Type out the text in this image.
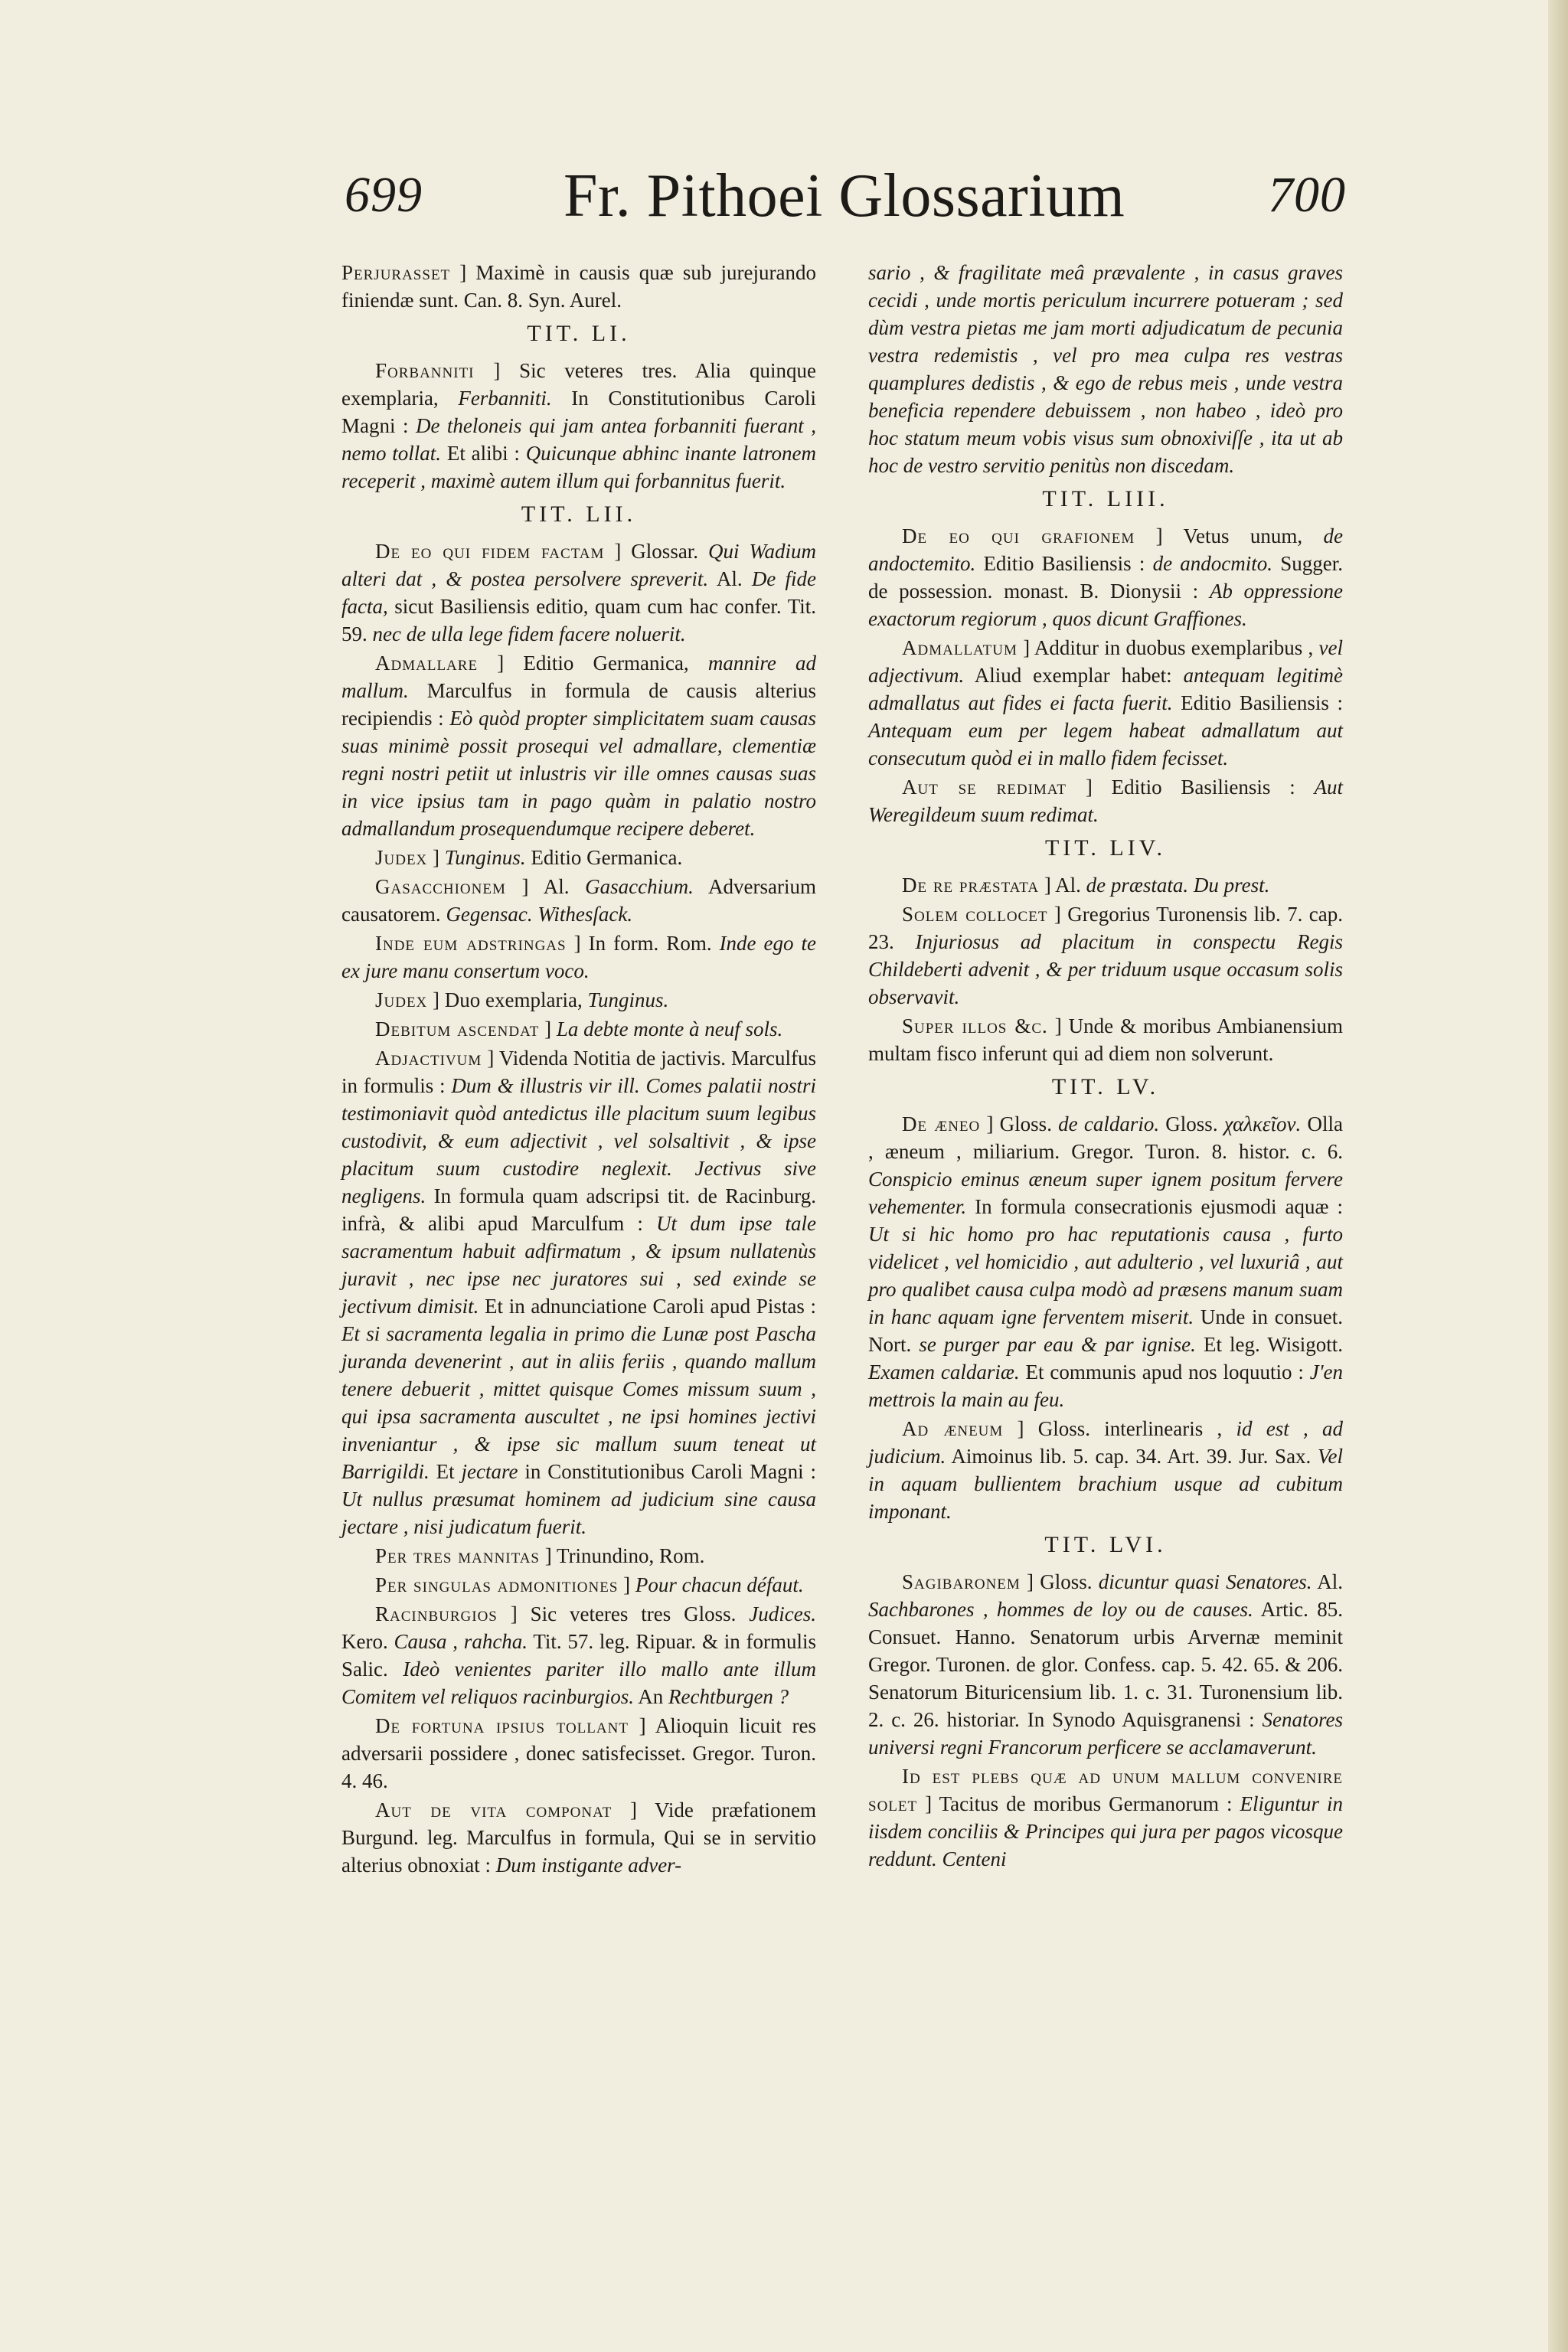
699 Fr. Pithoei Glossarium	700

Perjurasset ] Maximè in causis quæ sub jurejurando finiendæ sunt. Can. 8. Syn. Aurel.

TIT. LI.

Forbanniti ] Sic veteres tres. Alia quinque exemplaria, Ferbanniti. In Constitutionibus Caroli Magni : De theloneis qui jam antea forbanniti fuerant , nemo tollat. Et alibi : Quicunque abhinc inante latronem receperit , maximè autem illum qui forbannitus fuerit.

TIT. LII.

De eo qui fidem factam ] Glossar. Qui Wadium alteri dat , & postea persolvere spreverit. Al. De fide facta, sicut Basiliensis editio, quam cum hac confer. Tit. 59. nec de ulla lege fidem facere noluerit.

Admallare ] Editio Germanica, mannire ad mallum. Marculfus in formula de causis alterius recipiendis : Eò quòd propter simplicitatem suam causas suas minimè possit prosequi vel admallare, clementiæ regni nostri petiit ut inlustris vir ille omnes causas suas in vice ipsius tam in pago quàm in palatio nostro admallandum prosequendumque recipere deberet.

Judex ] Tunginus. Editio Germanica.

Gasacchionem ] Al. Gasacchium. Adversarium causatorem. Gegensac. Withesſack.

Inde eum adstringas ] In form. Rom. Inde ego te ex jure manu consertum voco.

Judex ] Duo exemplaria, Tunginus.

Debitum ascendat ] La debte monte à neuf sols.

Adjactivum ] Videnda Notitia de jactivis. Marculfus in formulis : Dum & illustris vir ill. Comes palatii nostri testimoniavit quòd antedictus ille placitum suum legibus custodivit, & eum adjectivit , vel solsaltivit , & ipse placitum suum custodire neglexit. Jectivus sive negligens. In formula quam adscripsi tit. de Racinburg. infrà, & alibi apud Marculfum : Ut dum ipse tale sacramentum habuit adfirmatum , & ipsum nullatenùs juravit , nec ipse nec juratores sui , sed exinde se jectivum dimisit. Et in adnunciatione Caroli apud Pistas : Et si sacramenta legalia in primo die Lunæ post Pascha juranda devenerint , aut in aliis feriis , quando mallum tenere debuerit , mittet quisque Comes missum suum , qui ipsa sacramenta auscultet , ne ipsi homines jectivi inveniantur , & ipse sic mallum suum teneat ut Barrigildi. Et jectare in Constitutionibus Caroli Magni : Ut nullus præsumat hominem ad judicium sine causa jectare , nisi judicatum fuerit.

Per tres mannitas ] Trinundino, Rom.

Per singulas admonitiones ] Pour chacun défaut.

Racinburgios ] Sic veteres tres Gloss. Judices. Kero. Causa , rahcha. Tit. 57. leg. Ripuar. & in formulis Salic. Ideò venientes pariter illo mallo ante illum Comitem vel reliquos racinburgios. An Rechtburgen ?

De fortuna ipsius tollant ] Alioquin licuit res adversarii possidere , donec satisfecisset. Gregor. Turon. 4. 46.

Aut de vita componat ] Vide præfationem Burgund. leg. Marculfus in formula, Qui se in servitio alterius obnoxiat : Dum instigante adver-

sario , & fragilitate meâ prævalente , in casus graves cecidi , unde mortis periculum incurrere potueram ; sed dùm vestra pietas me jam morti adjudicatum de pecunia vestra redemistis , vel pro mea culpa res vestras quamplures dedistis , & ego de rebus meis , unde vestra beneficia rependere debuissem , non habeo , ideò pro hoc statum meum vobis visus sum obnoxiviſſe , ita ut ab hoc de vestro servitio penitùs non discedam.

TIT. LIII.

De eo qui grafionem ] Vetus unum, de andoctemito. Editio Basiliensis : de andocmito. Sugger. de possession. monast. B. Dionysii : Ab oppressione exactorum regiorum , quos dicunt Graffiones.

Admallatum ] Additur in duobus exemplaribus , vel adjectivum. Aliud exemplar habet: antequam legitimè admallatus aut fides ei facta fuerit. Editio Basiliensis : Antequam eum per legem habeat admallatum aut consecutum quòd ei in mallo fidem fecisset.

Aut se redimat ] Editio Basiliensis : Aut Weregildeum suum redimat.

TIT. LIV.

De re præstata ] Al. de præstata. Du prest.

Solem collocet ] Gregorius Turonensis lib. 7. cap. 23. Injuriosus ad placitum in conspectu Regis Childeberti advenit , & per triduum usque occasum solis observavit.

Super illos &c. ] Unde & moribus Ambianensium multam fisco inferunt qui ad diem non solverunt.

TIT. LV.

De æneo ] Gloss. de caldario. Gloss. χαλκεῖον. Olla , æneum , miliarium. Gregor. Turon. 8. histor. c. 6. Conspicio eminus æneum super ignem positum fervere vehementer. In formula consecrationis ejusmodi aquæ : Ut si hic homo pro hac reputationis causa , furto videlicet , vel homicidio , aut adulterio , vel luxuriâ , aut pro qualibet causa culpa modò ad præsens manum suam in hanc aquam igne ferventem miserit. Unde in consuet. Nort. se purger par eau & par ignise. Et leg. Wisigott. Examen caldariæ. Et communis apud nos loquutio : J'en mettrois la main au feu.

Ad æneum ] Gloss. interlinearis , id est , ad judicium. Aimoinus lib. 5. cap. 34. Art. 39. Jur. Sax. Vel in aquam bullientem brachium usque ad cubitum imponant.

TIT. LVI.

Sagibaronem ] Gloss. dicuntur quasi Senatores. Al. Sachbarones , hommes de loy ou de causes. Artic. 85. Consuet. Hanno. Senatorum urbis Arvernæ meminit Gregor. Turonen. de glor. Confess. cap. 5. 42. 65. & 206. Senatorum Bituricensium lib. 1. c. 31. Turonensium lib. 2. c. 26. historiar. In Synodo Aquisgranensi : Senatores universi regni Francorum perficere se acclamaverunt.

Id est plebs quæ ad unum mallum convenire solet ] Tacitus de moribus Germanorum : Eliguntur in iisdem conciliis & Principes qui jura per pagos vicosque reddunt. Centeni
